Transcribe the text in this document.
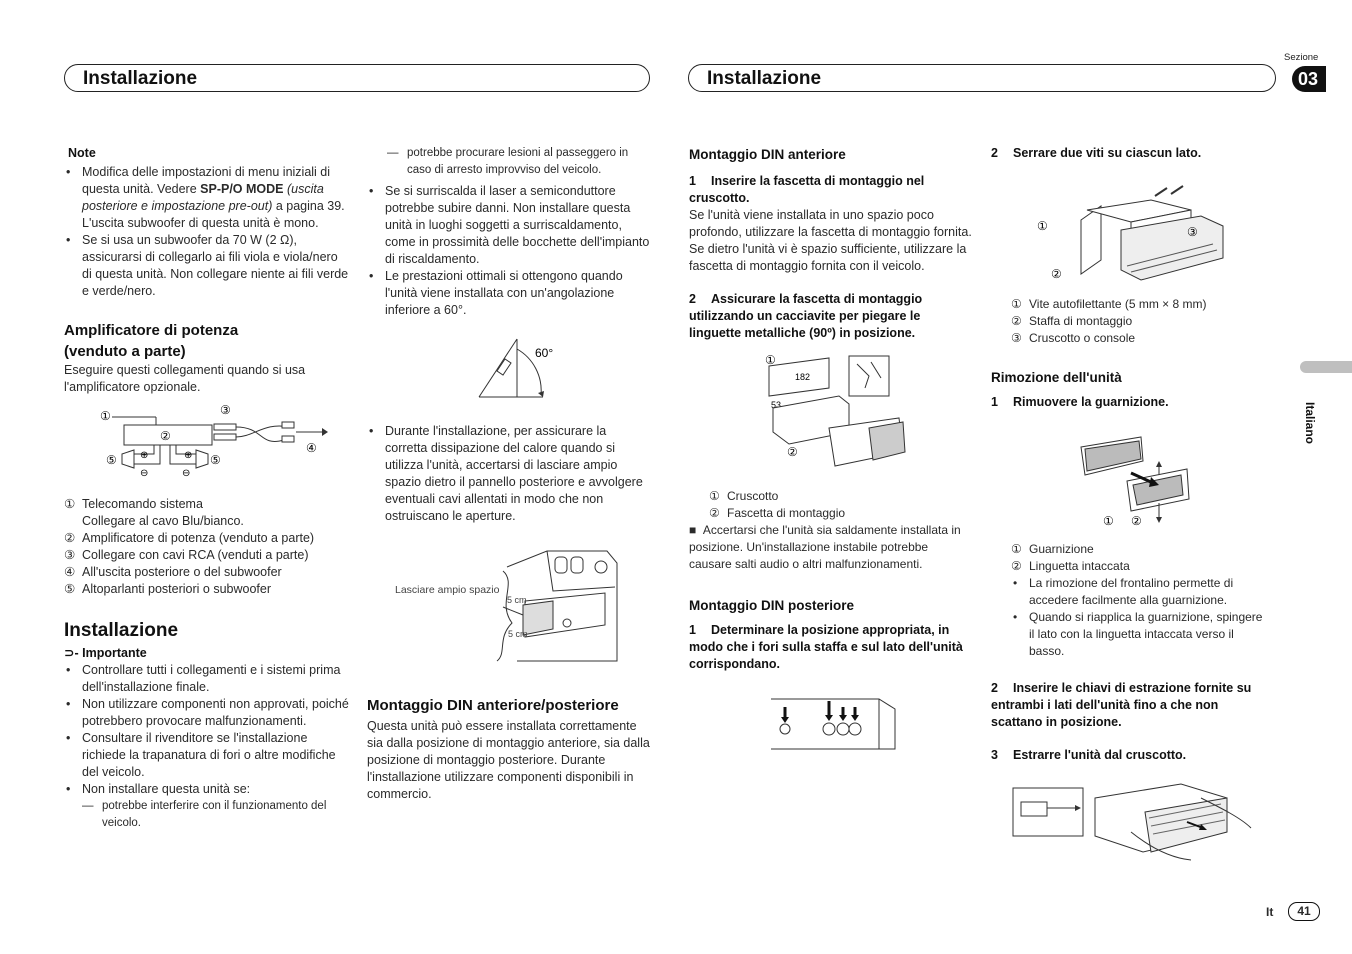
Installazione	Installazione
Sezione
03
Italiano
It	41
Note
• Modifica delle impostazioni di menu iniziali di questa unità. Vedere SP-P/O MODE (uscita posteriore e impostazione pre-out) a pagina 39.
L'uscita subwoofer di questa unità è mono.
• Se si usa un subwoofer da 70 W (2 Ω), assicurarsi di collegarlo ai fili viola e viola/nero di questa unità. Non collegare niente ai fili verde e verde/nero.
Amplificatore di potenza (venduto a parte)
Eseguire questi collegamenti quando si usa l'amplificatore opzionale.
①
②
③
④
⊕	⊕
⊖	⊖
⑤	⑤
① Telecomando sistema
Collegare al cavo Blu/bianco.
② Amplificatore di potenza (venduto a parte)
③ Collegare con cavi RCA (venduti a parte)
④ All'uscita posteriore o del subwoofer
⑤ Altoparlanti posteriori o subwoofer
Installazione
⊃- Importante
• Controllare tutti i collegamenti e i sistemi prima dell'installazione finale.
• Non utilizzare componenti non approvati, poiché potrebbero provocare malfunzionamenti.
• Consultare il rivenditore se l'installazione richiede la trapanatura di fori o altre modifiche del veicolo.
• Non installare questa unità se:
— potrebbe interferire con il funzionamento del veicolo.
— potrebbe procurare lesioni al passeggero in caso di arresto improvviso del veicolo.
• Se si surriscalda il laser a semiconduttore potrebbe subire danni. Non installare questa unità in luoghi soggetti a surriscaldamento, come in prossimità delle bocchette dell'impianto di riscaldamento.
• Le prestazioni ottimali si ottengono quando l'unità viene installata con un'angolazione inferiore a 60°.
60°
• Durante l'installazione, per assicurare la corretta dissipazione del calore quando si utilizza l'unità, accertarsi di lasciare ampio spazio dietro il pannello posteriore e avvolgere eventuali cavi allentati in modo che non ostruiscano le aperture.
Lasciare ampio spazio
5 cm
5 cm
Montaggio DIN anteriore/posteriore
Questa unità può essere installata correttamente sia dalla posizione di montaggio anteriore, sia dalla posizione di montaggio posteriore. Durante l'installazione utilizzare componenti disponibili in commercio.
Montaggio DIN anteriore
1 Inserire la fascetta di montaggio nel cruscotto.
Se l'unità viene installata in uno spazio poco profondo, utilizzare la fascetta di montaggio fornita. Se dietro l'unità vi è spazio sufficiente, utilizzare la fascetta di montaggio fornita con il veicolo.
2 Assicurare la fascetta di montaggio utilizzando un cacciavite per piegare le linguette metalliche (90º) in posizione.
①
182
53
②
① Cruscotto
② Fascetta di montaggio
■  Accertarsi che l'unità sia saldamente installata in posizione. Un'installazione instabile potrebbe causare salti audio o altri malfunzionamenti.
Montaggio DIN posteriore
1 Determinare la posizione appropriata, in modo che i fori sulla staffa e sul lato dell'unità corrispondano.
2 Serrare due viti su ciascun lato.
①	③
②
① Vite autofilettante (5 mm × 8 mm)
② Staffa di montaggio
③ Cruscotto o console
Rimozione dell'unità
1 Rimuovere la guarnizione.
① ②
① Guarnizione
② Linguetta intaccata
• La rimozione del frontalino permette di accedere facilmente alla guarnizione.
• Quando si riapplica la guarnizione, spingere il lato con la linguetta intaccata verso il basso.
2 Inserire le chiavi di estrazione fornite su entrambi i lati dell'unità fino a che non scattano in posizione.
3 Estrarre l'unità dal cruscotto.
